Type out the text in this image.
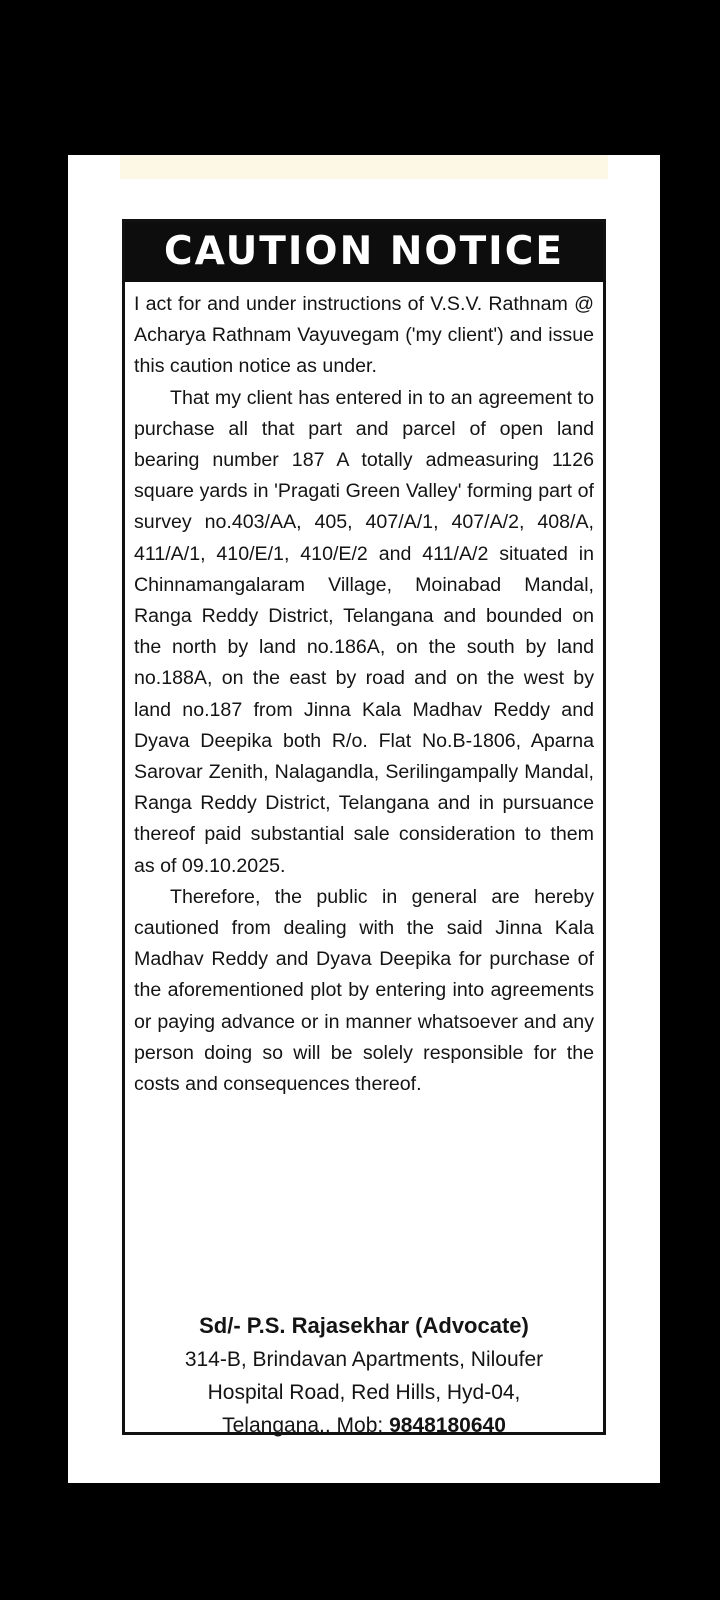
CAUTION NOTICE

I act for and under instructions of V.S.V. Rathnam @ Acharya Rathnam Vayuvegam ('my client') and issue this caution notice as under.

That my client has entered in to an agreement to purchase all that part and parcel of open land bearing number 187 A totally admeasuring 1126 square yards in 'Pragati Green Valley' forming part of survey no.403/AA, 405, 407/A/1, 407/A/2, 408/A, 411/A/1, 410/E/1, 410/E/2 and 411/A/2 situated in Chinnamangalaram Village, Moinabad Mandal, Ranga Reddy District, Telangana and bounded on the north by land no.186A, on the south by land no.188A, on the east by road and on the west by land no.187 from Jinna Kala Madhav Reddy and Dyava Deepika both R/o. Flat No.B-1806, Aparna Sarovar Zenith, Nalagandla, Serilingampally Mandal, Ranga Reddy District, Telangana and in pursuance thereof paid substantial sale consideration to them as of 09.10.2025.

Therefore, the public in general are hereby cautioned from dealing with the said Jinna Kala Madhav Reddy and Dyava Deepika for purchase of the aforementioned plot by entering into agreements or paying advance or in manner whatsoever and any person doing so will be solely responsible for the costs and consequences thereof.

Sd/- P.S. Rajasekhar (Advocate)
314-B, Brindavan Apartments, Niloufer
Hospital Road, Red Hills, Hyd-04,
Telangana., Mob: 9848180640
